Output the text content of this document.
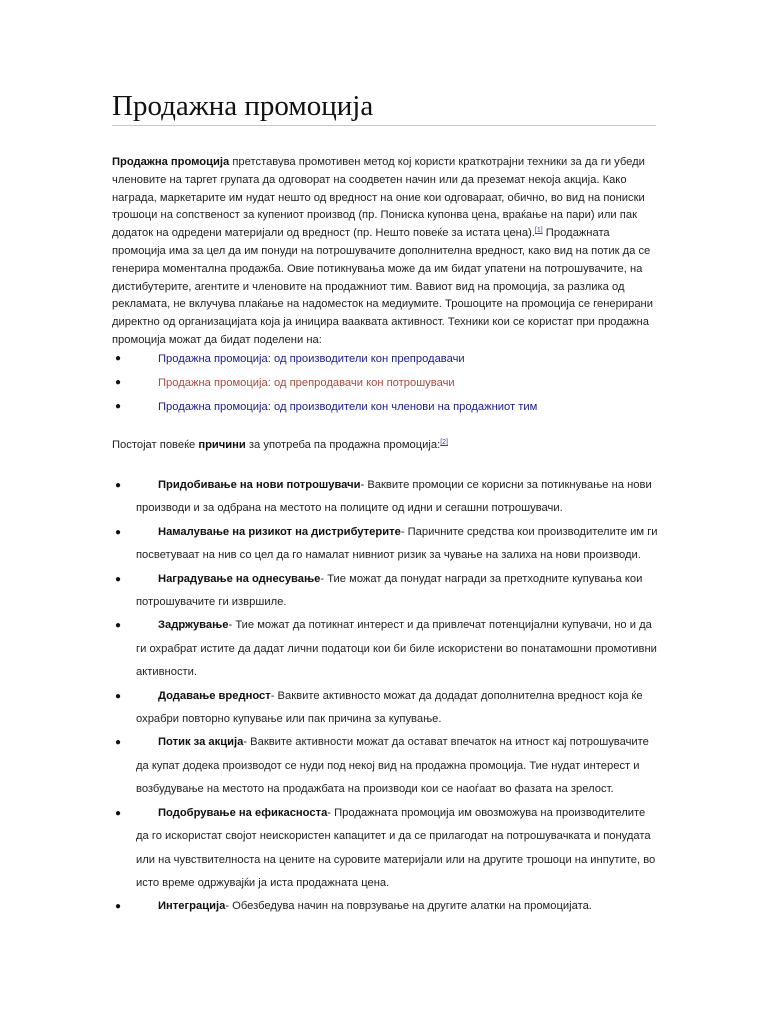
Продажна промоција

Продажна промоција претставува промотивен метод кој користи краткотрајни техники за да ги убеди членовите на таргет групата да одговорат на соодветен начин или да преземат некоја акција. Како награда, маркетарите им нудат нешто од вредност на оние кои одговараат, обично, во вид на пониски трошоци на сопственост за купениот производ (пр. Пониска купонва цена, враќање на пари) или пак додаток на одредени материјали од вредност (пр. Нешто повеќе за истата цена).[1] Продажната промоција има за цел да им понуди на потрошувачите дополнителна вредност, како вид на потик да се генерира моментална продажба. Овие потикнувања може да им бидат упатени на потрошувачите, на дистибутерите, агентите и членовите на продажниот тим. Вавиот вид на промоција, за разлика од рекламата, не вклучува плаќање на надоместок на медиумите. Трошоците на промоција се генерирани директно од организацијата која ја иницира вааквата активност. Техники кои се користат при продажна промоција можат да бидат поделени на:

●	Продажна промоција: од производители кон препродавачи
●	Продажна промоција: од препродавачи кон потрошувачи
●	Продажна промоција: од производители кон членови на продажниот тим

Постојат повеќе причини за употреба па продажна промоција:[2]

●	Придобивање на нови потрошувачи- Ваквите промоции се корисни за потикнување на нови производи и за одбрана на местото на полиците од идни и сегашни потрошувачи.
●	Намалување на ризикот на дистрибутерите- Паричните средства кои производителите им ги посветуваат на нив со цел да го намалат нивниот ризик за чување на залиха на нови производи.
●	Наградување на однесување- Тие можат да понудат награди за претходните купувања кои потрошувачите ги извршиле.
●	Задржување- Тие можат да потикнат интерест и да привлечат потенцијални купувачи, но и да ги охрабрат истите да дадат лични податоци кои би биле искористени во понатамошни промотивни активности.
●	Додавање вредност- Ваквите активносто можат да додадат дополнителна вредност која ќе охрабри повторно купување или пак причина за купување.
●	Потик за акција- Ваквите активности можат да остават впечаток на итност кај потрошувачите да купат додека производот се нуди под некој вид на продажна промоција. Тие нудат интерест и возбудување на местото на продажбата на производи кои се наоѓаат во фазата на зрелост.
●	Подобрување на ефикасноста- Продажната промоција им овозможува на производителите да го искористат својот неискористен капацитет и да се прилагодат на потрошувачката и понудата или на чувствителноста на цените на суровите материјали или на другите трошоци на инпутите, во исто време одржувајќи ја иста продажната цена.
●	Интеграција- Обезбедува начин на поврзување на другите алатки на промоцијата.
